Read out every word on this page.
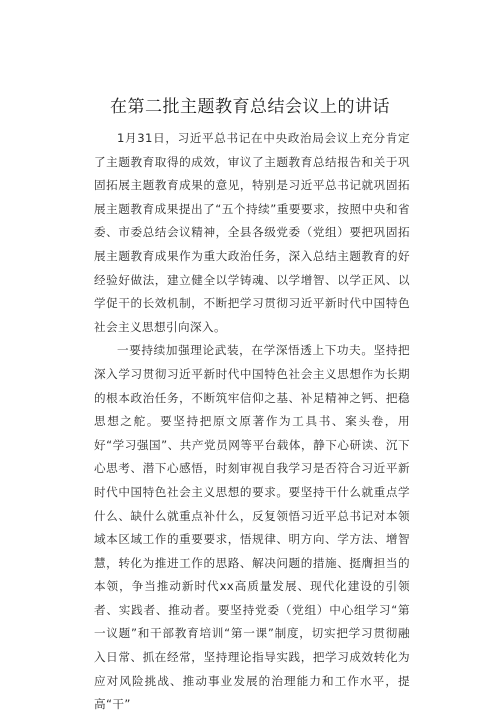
在第二批主题教育总结会议上的讲话

1月31日，习近平总书记在中央政治局会议上充分肯定了主题教育取得的成效，审议了主题教育总结报告和关于巩固拓展主题教育成果的意见，特别是习近平总书记就巩固拓展主题教育成果提出了“五个持续”重要要求，按照中央和省委、市委总结会议精神，全县各级党委（党组）要把巩固拓展主题教育成果作为重大政治任务，深入总结主题教育的好经验好做法，建立健全以学铸魂、以学增智、以学正风、以学促干的长效机制，不断把学习贯彻习近平新时代中国特色社会主义思想引向深入。

一要持续加强理论武装，在学深悟透上下功夫。坚持把深入学习贯彻习近平新时代中国特色社会主义思想作为长期的根本政治任务，不断筑牢信仰之基、补足精神之钙、把稳思想之舵。要坚持把原文原著作为工具书、案头卷，用好“学习强国”、共产党员网等平台载体，静下心研读、沉下心思考、潜下心感悟，时刻审视自我学习是否符合习近平新时代中国特色社会主义思想的要求。要坚持干什么就重点学什么、缺什么就重点补什么，反复领悟习近平总书记对本领域本区域工作的重要要求，悟规律、明方向、学方法、增智慧，转化为推进工作的思路、解决问题的措施、挺膺担当的本领，争当推动新时代xx高质量发展、现代化建设的引领者、实践者、推动者。要坚持党委（党组）中心组学习“第一议题”和干部教育培训“第一课”制度，切实把学习贯彻融入日常、抓在经常，坚持理论指导实践，把学习成效转化为应对风险挑战、推动事业发展的治理能力和工作水平，提高“干”
